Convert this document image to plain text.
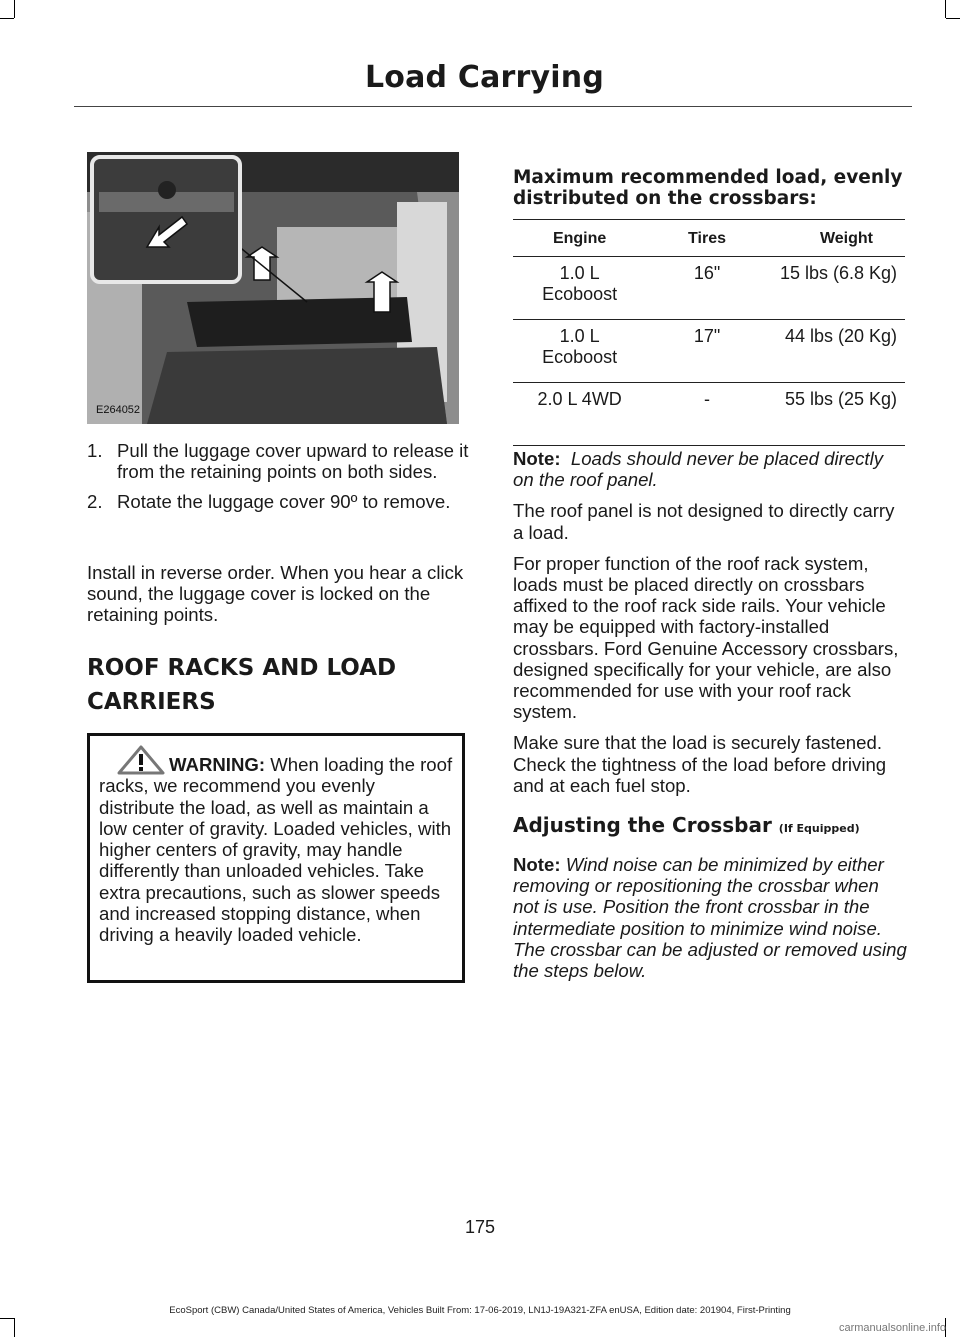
Load Carrying
E264052
1. Pull the luggage cover upward to release it from the retaining points on both sides.
2. Rotate the luggage cover 90º to remove.

Install in reverse order. When you hear a click sound, the luggage cover is locked on the retaining points.

ROOF RACKS AND LOAD
CARRIERS

WARNING: When loading the roof racks, we recommend you evenly distribute the load, as well as maintain a low center of gravity. Loaded vehicles, with higher centers of gravity, may handle differently than unloaded vehicles. Take extra precautions, such as slower speeds and increased stopping distance, when driving a heavily loaded vehicle.

Maximum recommended load, evenly distributed on the crossbars:
Engine	Tires	Weight
1.0 L Ecoboost	16"	15 lbs (6.8 Kg)
1.0 L Ecoboost	17"	44 lbs (20 Kg)
2.0 L 4WD	-	55 lbs (25 Kg)

Note: Loads should never be placed directly on the roof panel.

The roof panel is not designed to directly carry a load.

For proper function of the roof rack system, loads must be placed directly on crossbars affixed to the roof rack side rails. Your vehicle may be equipped with factory-installed crossbars. Ford Genuine Accessory crossbars, designed specifically for your vehicle, are also recommended for use with your roof rack system.

Make sure that the load is securely fastened. Check the tightness of the load before driving and at each fuel stop.

Adjusting the Crossbar (If Equipped)

Note: Wind noise can be minimized by either removing or repositioning the crossbar when not is use. Position the front crossbar in the intermediate position to minimize wind noise. The crossbar can be adjusted or removed using the steps below.

175
EcoSport (CBW) Canada/United States of America, Vehicles Built From: 17-06-2019, LN1J-19A321-ZFA enUSA, Edition date: 201904, First-Printing
carmanualsonline.info
